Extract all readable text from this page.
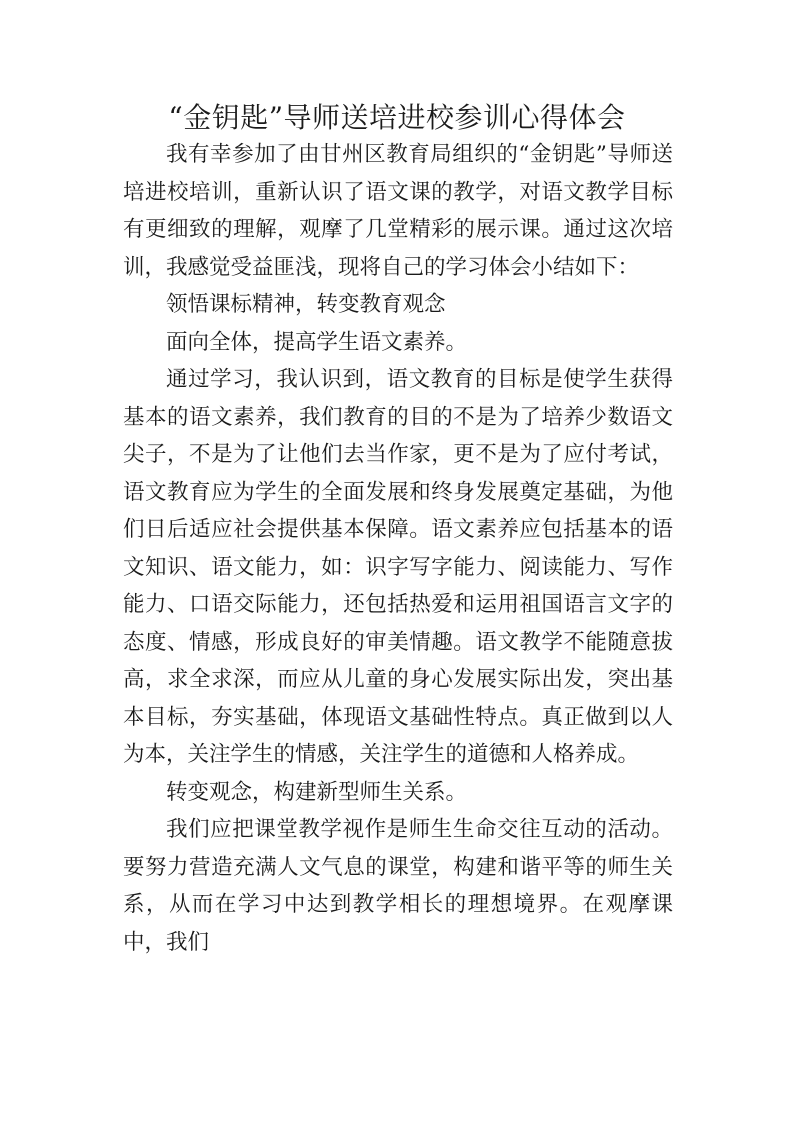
“金钥匙”导师送培进校参训心得体会

我有幸参加了由甘州区教育局组织的“金钥匙”导师送培进校培训，重新认识了语文课的教学，对语文教学目标有更细致的理解，观摩了几堂精彩的展示课。通过这次培训，我感觉受益匪浅，现将自己的学习体会小结如下：

领悟课标精神，转变教育观念

面向全体，提高学生语文素养。

通过学习，我认识到，语文教育的目标是使学生获得基本的语文素养，我们教育的目的不是为了培养少数语文尖子，不是为了让他们去当作家，更不是为了应付考试，语文教育应为学生的全面发展和终身发展奠定基础，为他们日后适应社会提供基本保障。语文素养应包括基本的语文知识、语文能力，如：识字写字能力、阅读能力、写作能力、口语交际能力，还包括热爱和运用祖国语言文字的态度、情感，形成良好的审美情趣。语文教学不能随意拔高，求全求深，而应从儿童的身心发展实际出发，突出基本目标，夯实基础，体现语文基础性特点。真正做到以人为本，关注学生的情感，关注学生的道德和人格养成。

转变观念，构建新型师生关系。

我们应把课堂教学视作是师生生命交往互动的活动。要努力营造充满人文气息的课堂，构建和谐平等的师生关系，从而在学习中达到教学相长的理想境界。在观摩课中，我们
